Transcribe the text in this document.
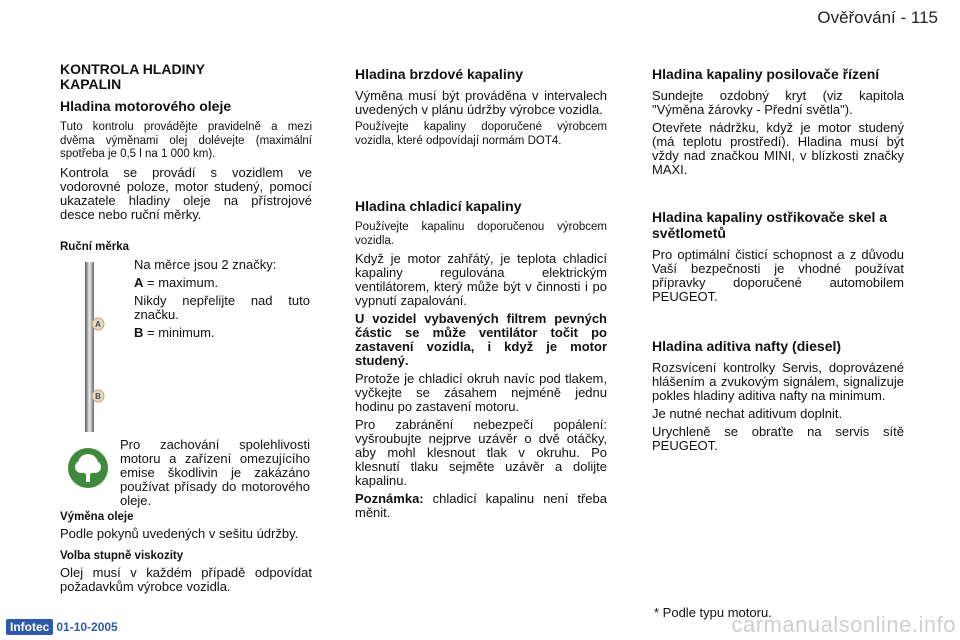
Ověřování - 115
KONTROLA HLADINY KAPALIN
Hladina motorového oleje

Tuto kontrolu provádějte pravidelně a mezi dvěma výměnami olej dolévejte (maximální spotřeba je 0,5 l na 1 000 km).

Kontrola se provádí s vozidlem ve vodorovné poloze, motor studený, pomocí ukazatele hladiny oleje na přístrojové desce nebo ruční měrky.

Ruční měrka
A
B

Na měrce jsou 2 značky:

A = maximum.

Nikdy nepřelijte nad tuto značku.

B = minimum.

Pro zachování spolehlivosti motoru a zařízení omezujícího emise škodlivin je zakázáno používat přísady do motorového oleje.

Výměna oleje

Podle pokynů uvedených v sešitu údržby.

Volba stupně viskozity

Olej musí v každém případě odpovídat požadavkům výrobce vozidla.

Hladina brzdové kapaliny

Výměna musí být prováděna v intervalech uvedených v plánu údržby výrobce vozidla.

Používejte kapaliny doporučené výrobcem vozidla, které odpovídají normám DOT4.

Hladina chladicí kapaliny

Používejte kapalinu doporučenou výrobcem vozidla.

Když je motor zahřátý, je teplota chladicí kapaliny regulována elektrickým ventilátorem, který může být v činnosti i po vypnutí zapalování.

U vozidel vybavených filtrem pevných částic se může ventilátor točit po zastavení vozidla, i když je motor studený.

Protože je chladicí okruh navíc pod tlakem, vyčkejte se zásahem nejméně jednu hodinu po zastavení motoru.

Pro zabránění nebezpečí popálení: vyšroubujte nejprve uzávěr o dvě otáčky, aby mohl klesnout tlak v okruhu. Po klesnutí tlaku sejměte uzávěr a dolijte kapalinu.

Poznámka: chladicí kapalinu není třeba měnit.

Hladina kapaliny posilovače řízení

Sundejte ozdobný kryt (viz kapitola "Výměna žárovky - Přední světla").

Otevřete nádržku, když je motor studený (má teplotu prostředí). Hladina musí být vždy nad značkou MINI, v blízkosti značky MAXI.

Hladina kapaliny ostřikovače skel a světlometů

Pro optimální čisticí schopnost a z důvodu Vaší bezpečnosti je vhodné používat přípravky doporučené automobilem PEUGEOT.

Hladina aditiva nafty (diesel)

Rozsvícení kontrolky Servis, doprovázené hlášením a zvukovým signálem, signalizuje pokles hladiny aditiva nafty na minimum.

Je nutné nechat aditivum doplnit.

Urychleně se obraťte na servis sítě PEUGEOT.

* Podle typu motoru.
Infotec 01-10-2005	carmanualsonline.info
